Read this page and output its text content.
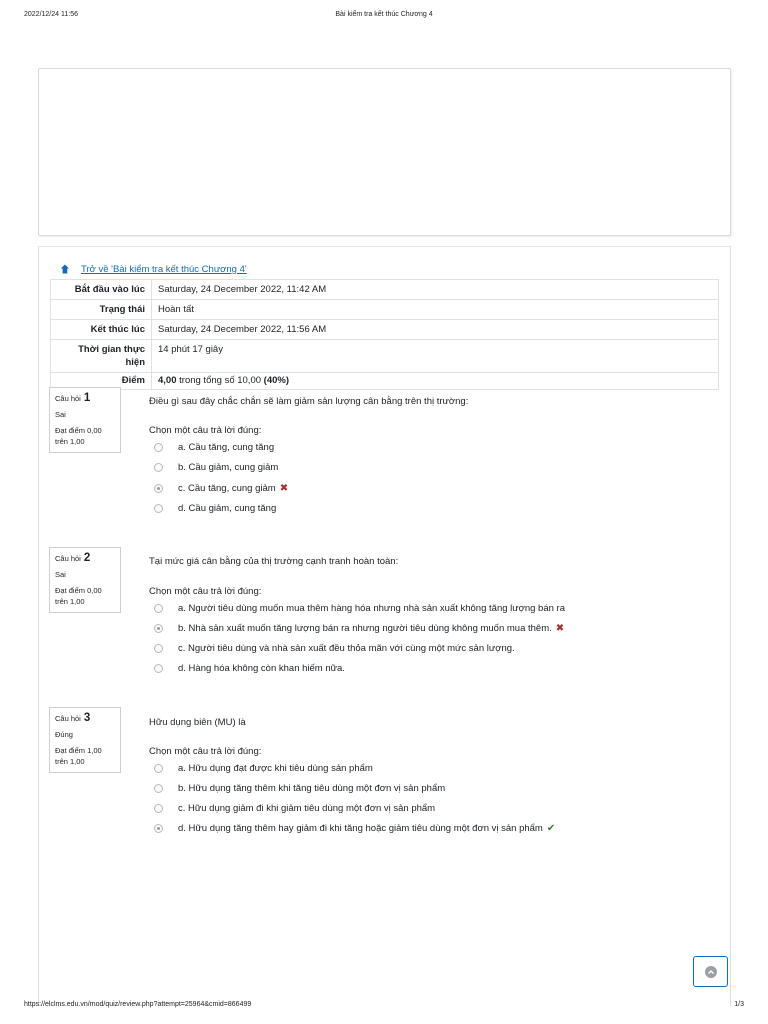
2022/12/24 11:56	Bài kiểm tra kết thúc Chương 4
Trở về 'Bài kiểm tra kết thúc Chương 4'
Bắt đầu vào lúc	Saturday, 24 December 2022, 11:42 AM
Trạng thái	Hoàn tất
Kết thúc lúc	Saturday, 24 December 2022, 11:56 AM
Thời gian thực hiện	14 phút 17 giây
Điểm	4,00 trong tổng số 10,00 (40%)
Câu hỏi 1
Sai
Đạt điểm 0,00 trên 1,00
Điều gì sau đây chắc chắn sẽ làm giảm sản lượng cân bằng trên thị trường:
Chọn một câu trả lời đúng:
a. Cầu tăng, cung tăng
b. Cầu giảm, cung giảm
c. Cầu tăng, cung giảm ✖
d. Cầu giảm, cung tăng
Câu hỏi 2
Sai
Đạt điểm 0,00 trên 1,00
Tại mức giá cân bằng của thị trường cạnh tranh hoàn toàn:
Chọn một câu trả lời đúng:
a. Người tiêu dùng muốn mua thêm hàng hóa nhưng nhà sản xuất không tăng lượng bán ra
b. Nhà sản xuất muốn tăng lượng bán ra nhưng người tiêu dùng không muốn mua thêm. ✖
c. Người tiêu dùng và nhà sản xuất đều thỏa mãn với cùng một mức sản lượng.
d. Hàng hóa không còn khan hiếm nữa.
Câu hỏi 3
Đúng
Đạt điểm 1,00 trên 1,00
Hữu dụng biên (MU) là
Chọn một câu trả lời đúng:
a. Hữu dụng đạt được khi tiêu dùng sản phẩm
b. Hữu dụng tăng thêm khi tăng tiêu dùng một đơn vị sản phẩm
c. Hữu dụng giảm đi khi giảm tiêu dùng một đơn vị sản phẩm
d. Hữu dụng tăng thêm hay giảm đi khi tăng hoặc giảm tiêu dùng một đơn vị sản phẩm ✔
https://elclms.edu.vn/mod/quiz/review.php?attempt=25964&cmid=866499	1/3
